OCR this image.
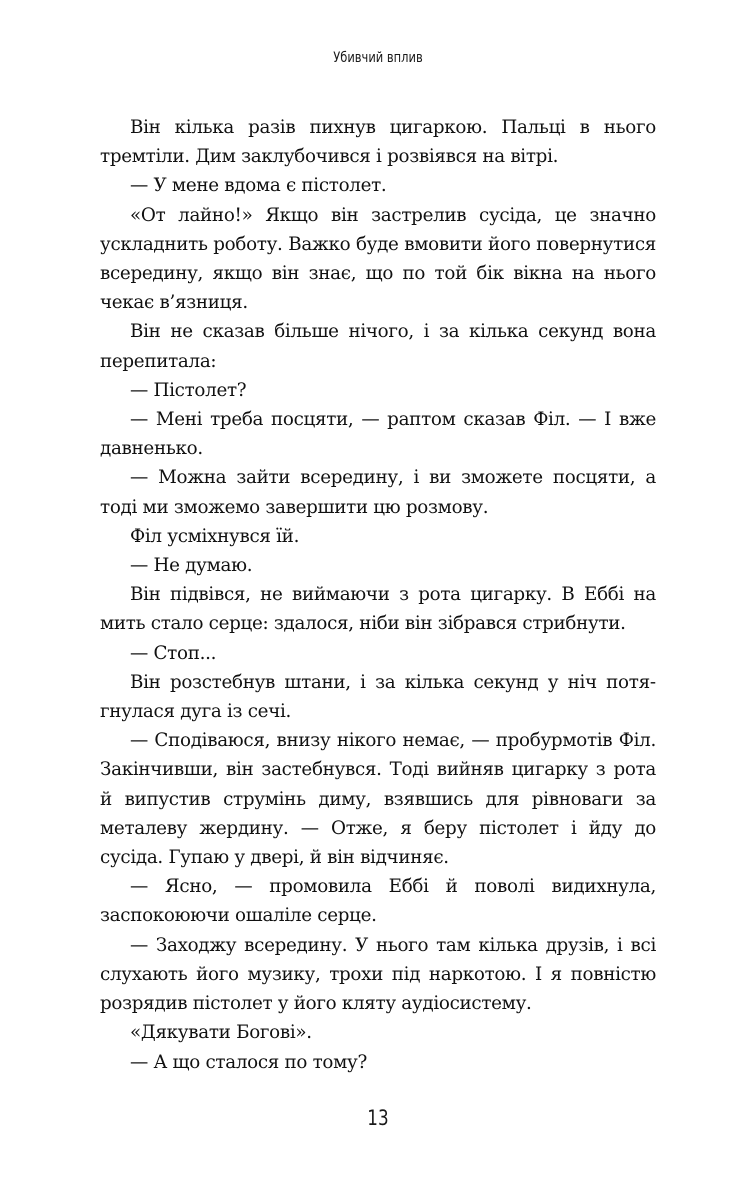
Убивчий вплив

Він кілька разів пихнув цигаркою. Пальці в нього тремтіли. Дим заклубочився і розвіявся на вітрі.

— У мене вдома є пістолет.

«От лайно!» Якщо він застрелив сусіда, це значно ускладнить роботу. Важко буде вмовити його повернутися всередину, якщо він знає, що по той бік вікна на нього чекає в’язниця.

Він не сказав більше нічого, і за кілька секунд вона перепитала:

— Пістолет?

— Мені треба посцяти, — раптом сказав Філ. — І вже давненько.

— Можна зайти всередину, і ви зможете посцяти, а тоді ми зможемо завершити цю розмову.

Філ усміхнувся їй.

— Не думаю.

Він підвівся, не виймаючи з рота цигарку. В Еббі на мить стало серце: здалося, ніби він зібрався стрибнути.

— Стоп...

Він розстебнув штани, і за кілька секунд у ніч потягнулася дуга із сечі.

— Сподіваюся, внизу нікого немає, — пробурмотів Філ. Закінчивши, він застебнувся. Тоді вийняв цигарку з рота й випустив струмінь диму, взявшись для рівноваги за металеву жердину. — Отже, я беру пістолет і йду до сусіда. Гупаю у двері, й він відчиняє.

— Ясно, — промовила Еббі й поволі видихнула, заспокоюючи ошаліле серце.

— Заходжу всередину. У нього там кілька друзів, і всі слухають його музику, трохи під наркотою. І я повністю розрядив пістолет у його кляту аудіосистему.

«Дякувати Богові».

— А що сталося по тому?

13
